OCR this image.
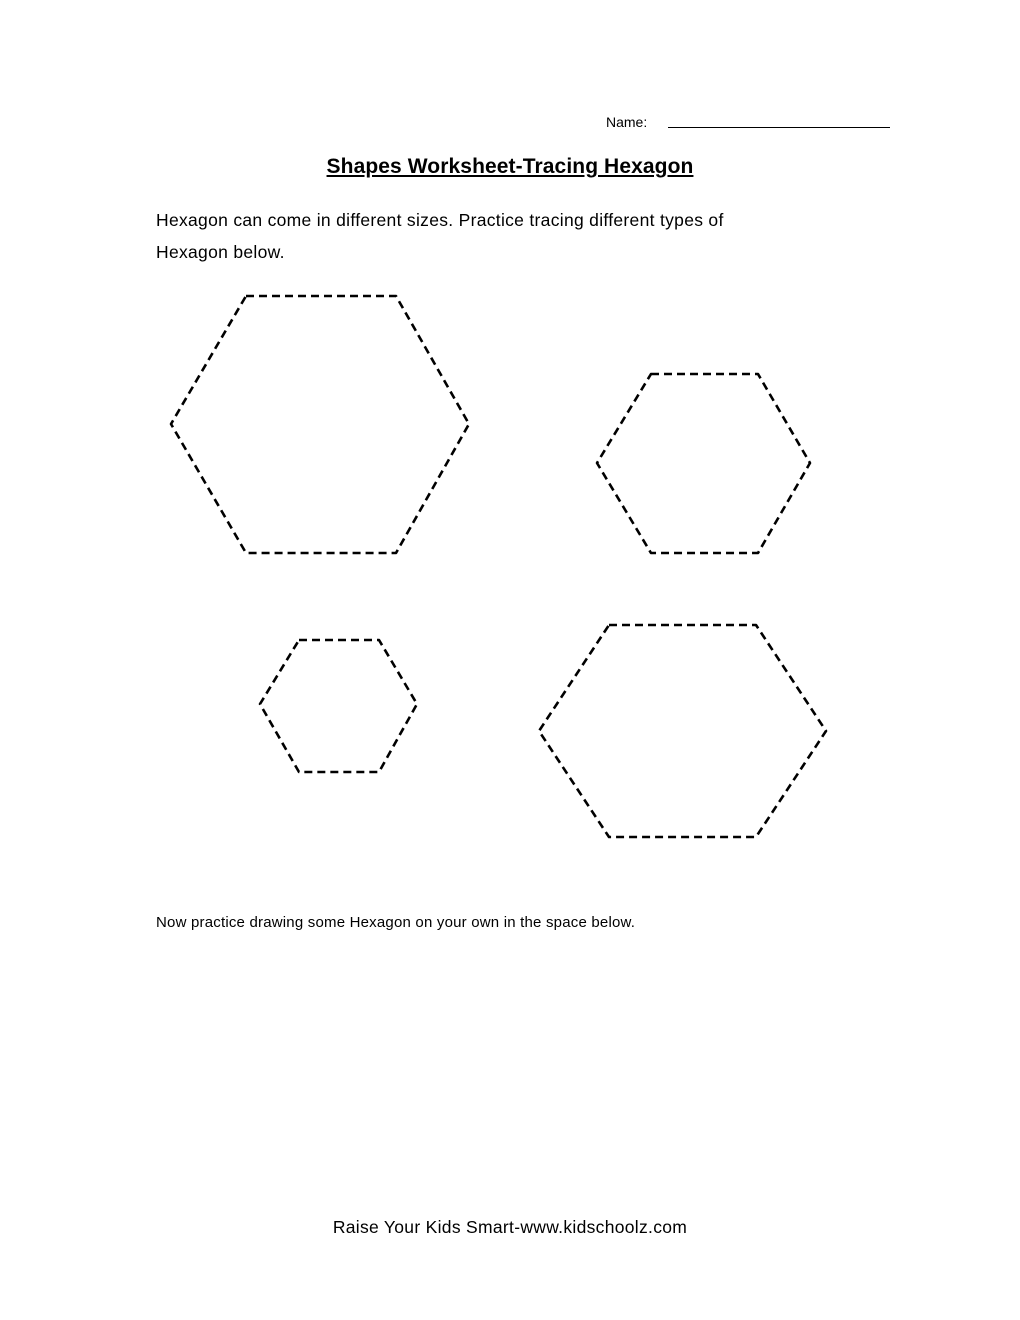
Name:
Shapes Worksheet-Tracing Hexagon
Hexagon can come in different sizes. Practice tracing different types of
Hexagon below.
Now practice drawing some Hexagon on your own in the space below.
Raise Your Kids Smart-www.kidschoolz.com
